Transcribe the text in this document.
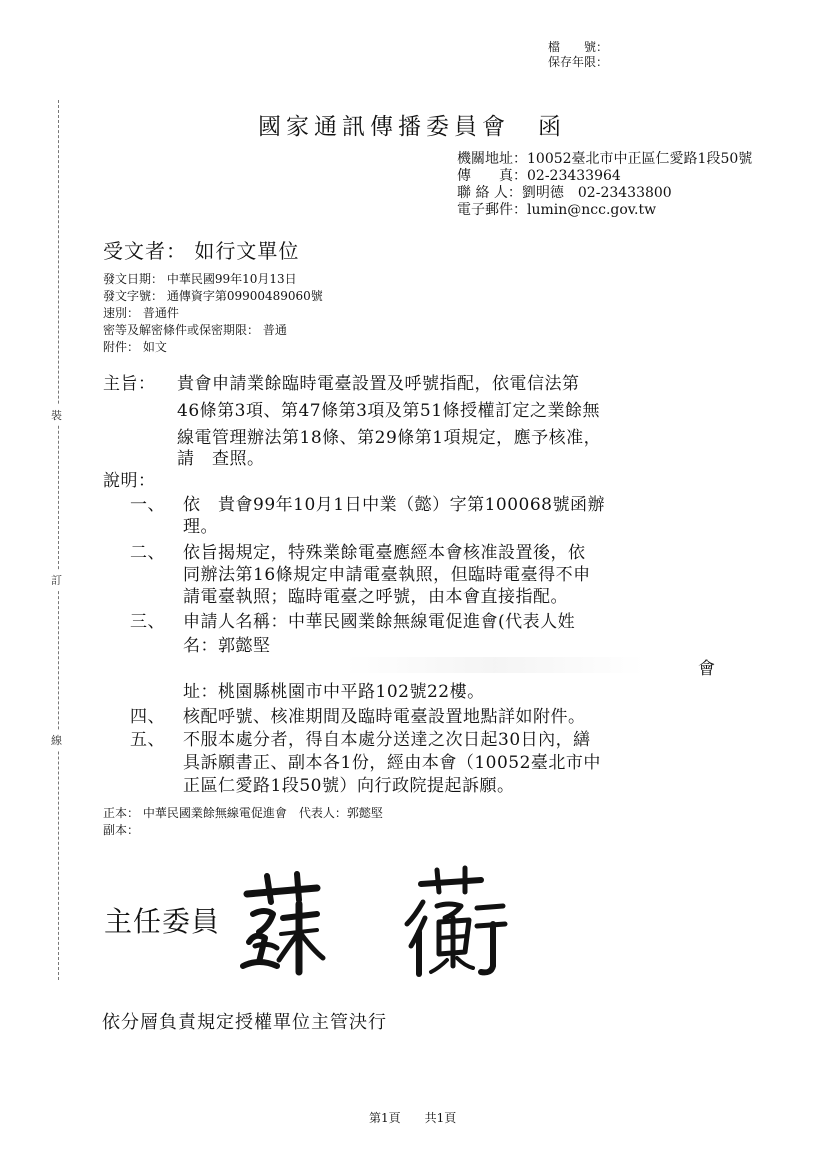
檔　　號：
保存年限：
裝
訂
線
國家通訊傳播委員會　函
機關地址：10052臺北市中正區仁愛路1段50號
傳　　真：02-23433964
聯 絡 人：劉明德　02-23433800
電子郵件：lumin@ncc.gov.tw
受文者： 如行文單位
發文日期： 中華民國99年10月13日
發文字號： 通傳資字第09900489060號
速別： 普通件
密等及解密條件或保密期限： 普通
附件： 如文
主旨： 貴會申請業餘臨時電臺設置及呼號指配，依電信法第
46條第3項、第47條第3項及第51條授權訂定之業餘無
線電管理辦法第18條、第29條第1項規定，應予核准，
請　查照。
說明：
一、	依　貴會99年10月1日中業（懿）字第100068號函辦
理。
二、	依旨揭規定，特殊業餘電臺應經本會核准設置後，依
同辦法第16條規定申請電臺執照，但臨時電臺得不申
請電臺執照；臨時電臺之呼號，由本會直接指配。
三、	申請人名稱：中華民國業餘無線電促進會(代表人姓
名：郭懿堅
會
址：桃園縣桃園市中平路102號22樓。
四、	核配呼號、核准期間及臨時電臺設置地點詳如附件。
五、	不服本處分者，得自本處分送達之次日起30日內，繕
具訴願書正、副本各1份，經由本會（10052臺北市中
正區仁愛路1段50號）向行政院提起訴願。
正本： 中華民國業餘無線電促進會　代表人：郭懿堅
副本：
主任委員
依分層負責規定授權單位主管決行
第1頁　　共1頁
